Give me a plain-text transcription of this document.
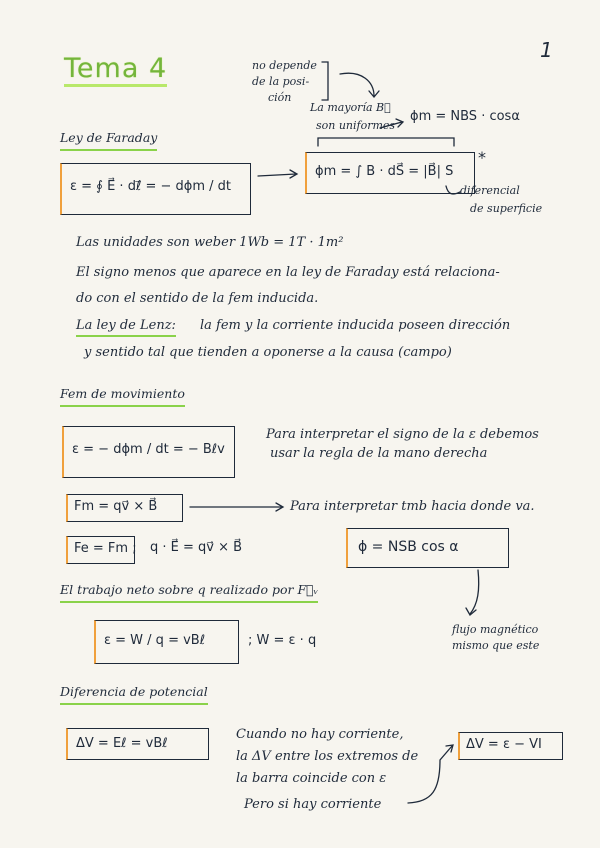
1
Tema 4	no depende
de la posi-
ción
La mayoría B⃗
son uniformes
ϕm = NBS · cosα
*
Ley de Faraday
ε = ∮ E⃗ · dℓ⃗ = − dϕm / dt
ϕm = ∫ B · dS⃗ = |B⃗| S
diferencial
de superficie
Las unidades son weber 1Wb = 1T · 1m²
El signo menos que aparece en la ley de Faraday está relaciona-
do con el sentido de la fem inducida.
La ley de Lenz: la fem y la corriente inducida poseen dirección
y sentido tal que tienden a oponerse a la causa (campo)
Fem de movimiento
ε = − dϕm / dt = − Bℓv
Para interpretar el signo de la ε debemos
usar la regla de la mano derecha
Fm = qv⃗ × B⃗	Para interpretar tmb hacia donde va.
Fe = Fm ; q · E⃗ = qv⃗ × B⃗	ϕ = NSB cos α
El trabajo neto sobre q realizado por F⃗ᵥ
ε = W / q = vBℓ	; W = ε · q
flujo magnético
mismo que este
Diferencia de potencial
ΔV = Eℓ = vBℓ
Cuando no hay corriente,
la ΔV entre los extremos de
la barra coincide con ε
Pero si hay corriente
ΔV = ε − VI
